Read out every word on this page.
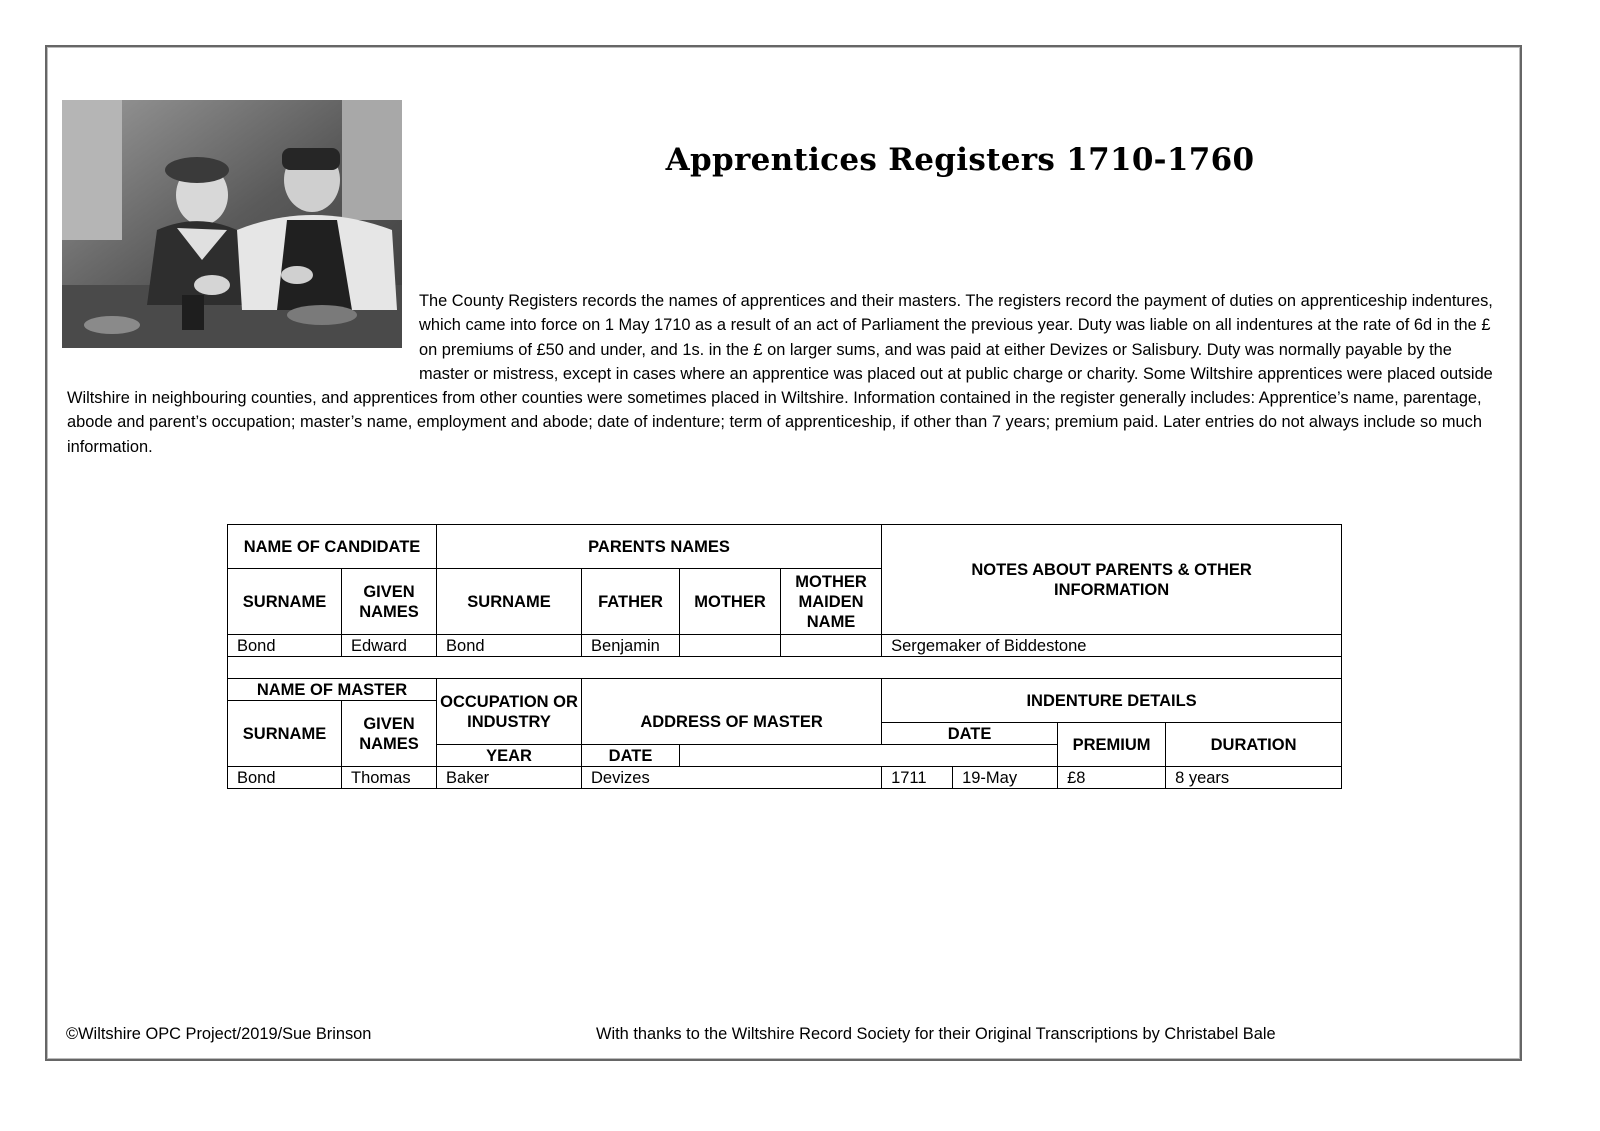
Apprentices Registers 1710-1760
The County Registers records the names of apprentices and their masters. The registers record the payment of duties on apprenticeship indentures, which came into force on 1 May 1710 as a result of an act of Parliament the previous year. Duty was liable on all indentures at the rate of 6d in the £ on premiums of £50 and under, and 1s. in the £ on larger sums, and was paid at either Devizes or Salisbury. Duty was normally payable by the master or mistress, except in cases where an apprentice was placed out at public charge or charity. Some Wiltshire apprentices were placed outside Wiltshire in neighbouring counties, and apprentices from other counties were sometimes placed in Wiltshire. Information contained in the register generally includes: Apprentice’s name, parentage, abode and parent’s occupation; master’s name, employment and abode; date of indenture; term of apprenticeship, if other than 7 years; premium paid. Later entries do not always include so much information.
NAME OF CANDIDATE		PARENTS NAMES				NOTES ABOUT PARENTS & OTHER INFORMATION			
SURNAME	GIVEN NAMES	SURNAME	FATHER	MOTHER	MOTHER MAIDEN NAME				
Bond	Edward	Bond	Benjamin			Sergemaker of Biddestone			

NAME OF MASTER		OCCUPATION OR INDUSTRY	ADDRESS OF MASTER			INDENTURE DETAILS			
SURNAME	GIVEN NAMES								
						DATE		PREMIUM	DURATION
		YEAR	DATE						
Bond	Thomas	Baker	Devizes			1711	19-May	£8	8 years
©Wiltshire OPC Project/2019/Sue Brinson	With thanks to the Wiltshire Record Society for their Original Transcriptions by Christabel Bale
